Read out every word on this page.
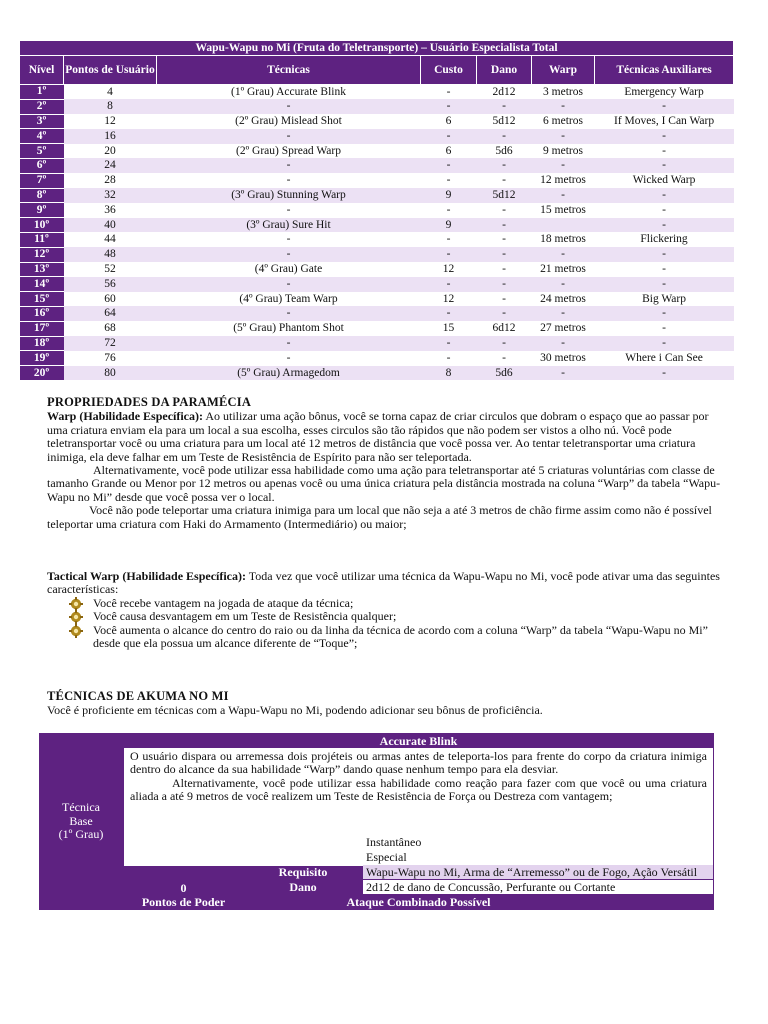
Wapu-Wapu no Mi (Fruta do Teletransporte) – Usuário Especialista Total						
Nível	Pontos de Usuário	Técnicas	Custo	Dano	Warp	Técnicas Auxiliares
1º	4	(1º Grau) Accurate Blink	-	2d12	3 metros	Emergency Warp
2º	8	-	-	-	-	-
3º	12	(2º Grau) Mislead Shot	6	5d12	6 metros	If Moves, I Can Warp
4º	16	-	-	-	-	-
5º	20	(2º Grau) Spread Warp	6	5d6	9 metros	-
6º	24	-	-	-	-	-
7º	28	-	-	-	12 metros	Wicked Warp
8º	32	(3º Grau) Stunning Warp	9	5d12	-	-
9º	36	-	-	-	15 metros	-
10º	40	(3º Grau) Sure Hit	9	-		-
11º	44	-	-	-	18 metros	Flickering
12º	48	-	-	-	-	-
13º	52	(4º Grau) Gate	12	-	21 metros	-
14º	56	-	-	-	-	-
15º	60	(4º Grau) Team Warp	12	-	24 metros	Big Warp
16º	64	-	-	-	-	-
17º	68	(5º Grau) Phantom Shot	15	6d12	27 metros	-
18º	72	-	-	-	-	-
19º	76	-	-	-	30 metros	Where i Can See
20º	80	(5º Grau) Armagedom	8	5d6	-	-
PROPRIEDADES DA PARAMÉCIA

Warp (Habilidade Específica): Ao utilizar uma ação bônus, você se torna capaz de criar circulos que dobram o espaço que ao passar por uma criatura enviam ela para um local a sua escolha, esses circulos são tão rápidos que não podem ser vistos a olho nú. Você pode teletransportar você ou uma criatura para um local até 12 metros de distância que você possa ver. Ao tentar teletransportar uma criatura inimiga, ela deve falhar em um Teste de Resistência de Espírito para não ser teleportada.

Alternativamente, você pode utilizar essa habilidade como uma ação para teletransportar até 5 criaturas voluntárias com classe de tamanho Grande ou Menor por 12 metros ou apenas você ou uma única criatura pela distância mostrada na coluna “Warp” da tabela “Wapu-Wapu no Mi” desde que você possa ver o local.

Você não pode teleportar uma criatura inimiga para um local que não seja a até 3 metros de chão firme assim como não é possível teleportar uma criatura com Haki do Armamento (Intermediário) ou maior;

Tactical Warp (Habilidade Específica): Toda vez que você utilizar uma técnica da Wapu-Wapu no Mi, você pode ativar uma das seguintes características:

Você recebe vantagem na jogada de ataque da técnica;
Você causa desvantagem em um Teste de Resistência qualquer;
Você aumenta o alcance do centro do raio ou da linha da técnica de acordo com a coluna “Warp” da tabela “Wapu-Wapu no Mi” desde que ela possua um alcance diferente de “Toque”;
TÉCNICAS DE AKUMA NO MI

Você é proficiente em técnicas com a Wapu-Wapu no Mi, podendo adicionar seu bônus de proficiência.

Técnica
Base
(1º Grau)
Accurate Blink

O usuário dispara ou arremessa dois projéteis ou armas antes de teleporta-los para frente do corpo da criatura inimiga dentro do alcance da sua habilidade “Warp” dando quase nenhum tempo para ela desviar.

Alternativamente, você pode utilizar essa habilidade como reação para fazer com que você ou uma criatura aliada a até 9 metros de você realizem um Teste de Resistência de Força ou Destreza com vantagem;

0
Pontos de Poder
Duração	Instantâneo
Alcance	Especial
Requisito	Wapu-Wapu no Mi, Arma de “Arremesso” ou de Fogo, Ação Versátil
Dano	2d12 de dano de Concussão, Perfurante ou Cortante
Ataque Combinado Possível
